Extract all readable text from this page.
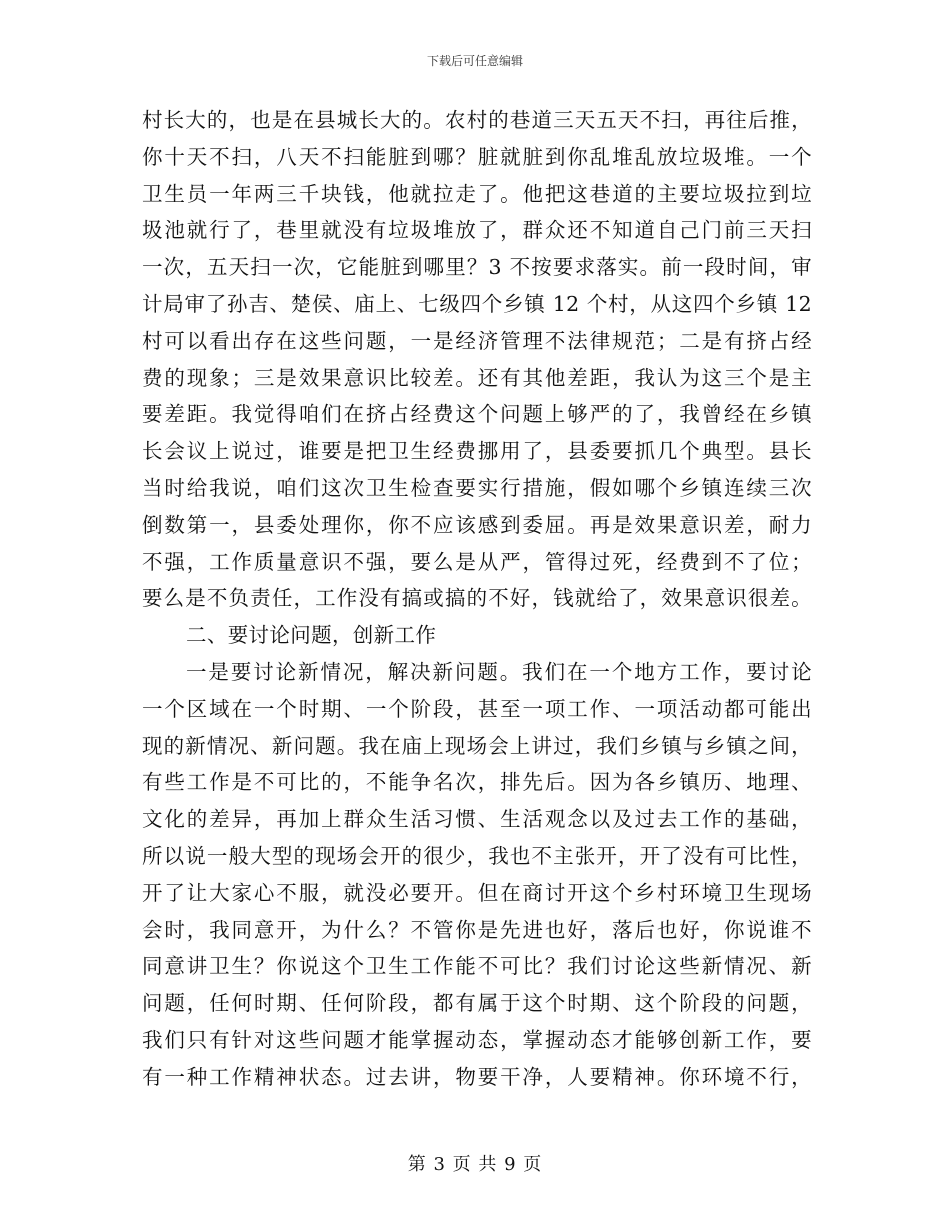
下载后可任意编辑
村长大的，也是在县城长大的。农村的巷道三天五天不扫，再往后推，
你十天不扫，八天不扫能脏到哪？脏就脏到你乱堆乱放垃圾堆。一个
卫生员一年两三千块钱，他就拉走了。他把这巷道的主要垃圾拉到垃
圾池就行了，巷里就没有垃圾堆放了，群众还不知道自己门前三天扫
一次，五天扫一次，它能脏到哪里？3 不按要求落实。前一段时间，审
计局审了孙吉、楚侯、庙上、七级四个乡镇 12 个村，从这四个乡镇 12
村可以看出存在这些问题，一是经济管理不法律规范；二是有挤占经
费的现象；三是效果意识比较差。还有其他差距，我认为这三个是主
要差距。我觉得咱们在挤占经费这个问题上够严的了，我曾经在乡镇
长会议上说过，谁要是把卫生经费挪用了，县委要抓几个典型。县长
当时给我说，咱们这次卫生检查要实行措施，假如哪个乡镇连续三次
倒数第一，县委处理你，你不应该感到委屈。再是效果意识差，耐力
不强，工作质量意识不强，要么是从严，管得过死，经费到不了位；
要么是不负责任，工作没有搞或搞的不好，钱就给了，效果意识很差。
二、要讨论问题，创新工作
一是要讨论新情况，解决新问题。我们在一个地方工作，要讨论
一个区域在一个时期、一个阶段，甚至一项工作、一项活动都可能出
现的新情况、新问题。我在庙上现场会上讲过，我们乡镇与乡镇之间，
有些工作是不可比的，不能争名次，排先后。因为各乡镇历、地理、
文化的差异，再加上群众生活习惯、生活观念以及过去工作的基础，
所以说一般大型的现场会开的很少，我也不主张开，开了没有可比性，
开了让大家心不服，就没必要开。但在商讨开这个乡村环境卫生现场
会时，我同意开，为什么？不管你是先进也好，落后也好，你说谁不
同意讲卫生？你说这个卫生工作能不可比？我们讨论这些新情况、新
问题，任何时期、任何阶段，都有属于这个时期、这个阶段的问题，
我们只有针对这些问题才能掌握动态，掌握动态才能够创新工作，要
有一种工作精神状态。过去讲，物要干净，人要精神。你环境不行，
第 3 页 共 9 页
